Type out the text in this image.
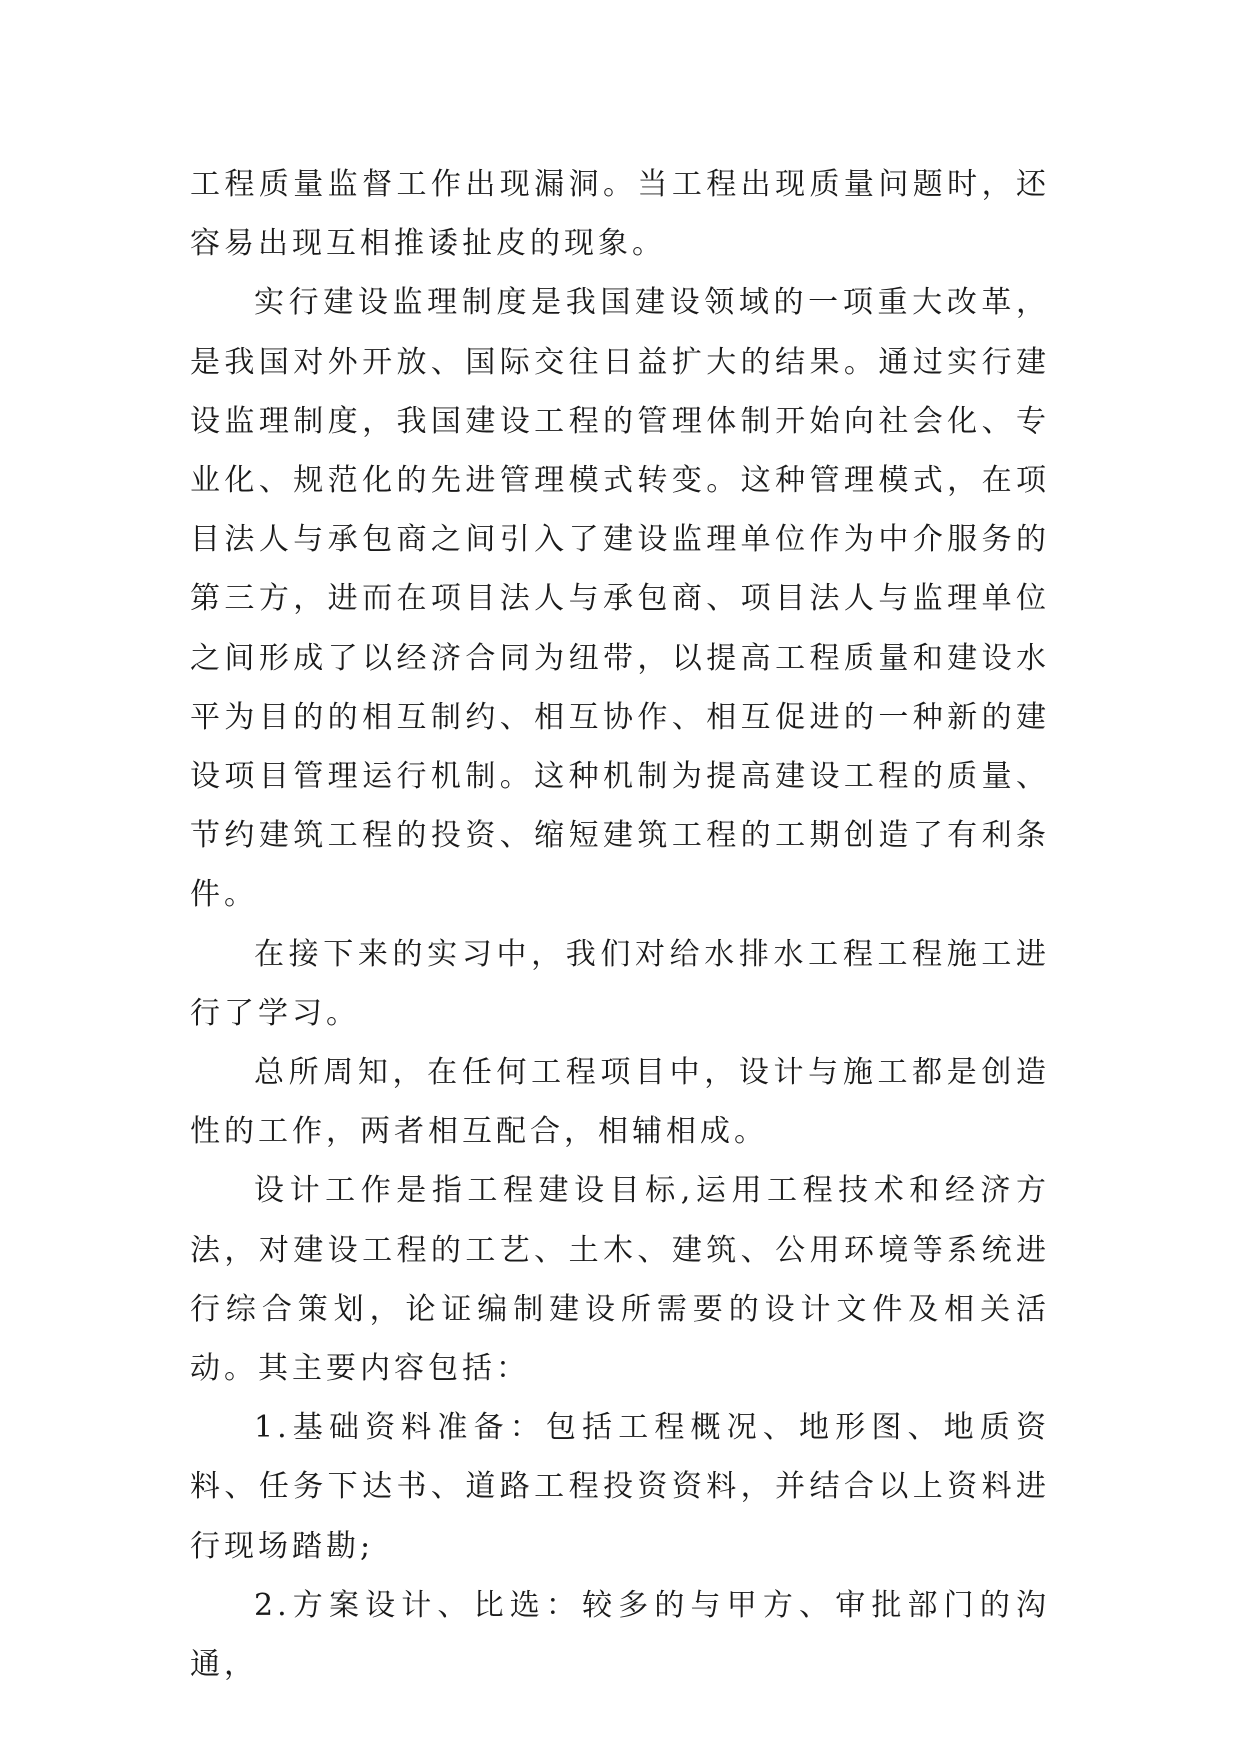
工程质量监督工作出现漏洞。当工程出现质量问题时，还容易出现互相推诿扯皮的现象。

实行建设监理制度是我国建设领域的一项重大改革，是我国对外开放、国际交往日益扩大的结果。通过实行建设监理制度，我国建设工程的管理体制开始向社会化、专业化、规范化的先进管理模式转变。这种管理模式，在项目法人与承包商之间引入了建设监理单位作为中介服务的第三方，进而在项目法人与承包商、项目法人与监理单位之间形成了以经济合同为纽带，以提高工程质量和建设水平为目的的相互制约、相互协作、相互促进的一种新的建设项目管理运行机制。这种机制为提高建设工程的质量、节约建筑工程的投资、缩短建筑工程的工期创造了有利条件。

在接下来的实习中，我们对给水排水工程工程施工进行了学习。

总所周知，在任何工程项目中，设计与施工都是创造性的工作，两者相互配合，相辅相成。

设计工作是指工程建设目标,运用工程技术和经济方法，对建设工程的工艺、土木、建筑、公用环境等系统进行综合策划，论证编制建设所需要的设计文件及相关活动。其主要内容包括：

1.基础资料准备：包括工程概况、地形图、地质资料、任务下达书、道路工程投资资料，并结合以上资料进行现场踏勘;

2.方案设计、比选：较多的与甲方、审批部门的沟通，
